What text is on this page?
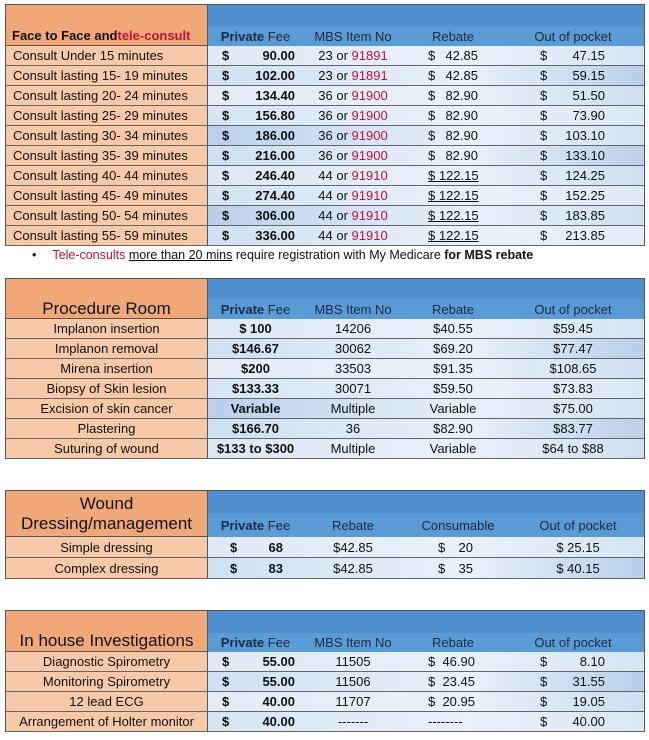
Face to Face and tele-consult Private Fee MBS Item No	Rebate	Out of pocket
Consult Under 15 minutes	$	90.00 23 or 91891	$ 42.85	$	47.15
Consult lasting 15- 19 minutes	$	102.00 23 or 91891	$ 42.85	$	59.15
Consult lasting 20- 24 minutes	$	134.40 36 or 91900	$ 82.90	$	51.50
Consult lasting 25- 29 minutes	$	156.80 36 or 91900	$ 82.90	$	73.90
Consult lasting 30- 34 minutes	$	186.00 36 or 91900	$ 82.90	$	103.10
Consult lasting 35- 39 minutes	$	216.00 36 or 91900	$ 82.90	$	133.10
Consult lasting 40- 44 minutes	$	246.40 44 or 91910	$ 122.15	$	124.25
Consult lasting 45- 49 minutes	$	274.40 44 or 91910	$ 122.15	$	152.25
Consult lasting 50- 54 minutes	$	306.00 44 or 91910	$ 122.15	$	183.85
Consult lasting 55- 59 minutes	$	336.00 44 or 91910	$ 122.15	$	213.85
• Tele-consults more than 20 mins require registration with My Medicare for MBS rebate
Procedure Room	Private Fee MBS Item No	Rebate	Out of pocket
Implanon insertion	$ 100	14206	$40.55	$59.45
Implanon removal	$146.67	30062	$69.20	$77.47
Mirena insertion	$200	33503	$91.35	$108.65
Biopsy of Skin lesion	$133.33	30071	$59.50	$73.83
Excision of skin cancer	Variable	Multiple	Variable	$75.00
Plastering	$166.70	36	$82.90	$83.77
Suturing of wound	$133 to $300	Multiple	Variable	$64 to $88
Wound
Dressing/management Private Fee	Rebate	Consumable	Out of pocket
Simple dressing	$	68	$42.85	$	20	$ 25.15
Complex dressing	$	83	$42.85	$	35	$ 40.15
In house Investigations Private Fee MBS Item No	Rebate	Out of pocket
Diagnostic Spirometry	$	55.00	11505	$  46.90	$	8.10
Monitoring Spirometry	$	55.00	11506	$  23.45	$	31.55
12 lead ECG	$	40.00	11707	$  20.95	$	19.05
Arrangement of Holter monitor	$	40.00	-------	--------	$	40.00
